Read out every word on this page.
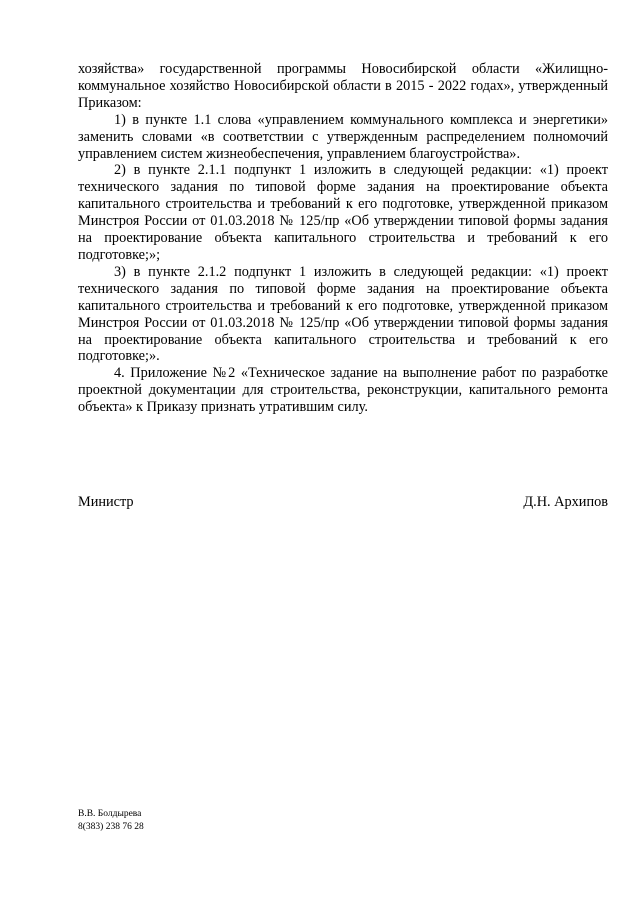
хозяйства» государственной программы Новосибирской области «Жилищно-коммунальное хозяйство Новосибирской области в 2015 - 2022 годах», утвержденный Приказом:

1) в пункте 1.1 слова «управлением коммунального комплекса и энергетики» заменить словами «в соответствии с утвержденным распределением полномочий управлением систем жизнеобеспечения, управлением благоустройства».

2) в пункте 2.1.1 подпункт 1 изложить в следующей редакции: «1) проект технического задания по типовой форме задания на проектирование объекта капитального строительства и требований к его подготовке, утвержденной приказом Минстроя России от 01.03.2018 № 125/пр «Об утверждении типовой формы задания на проектирование объекта капитального строительства и требований к его подготовке;»;

3) в пункте 2.1.2 подпункт 1 изложить в следующей редакции: «1) проект технического задания по типовой форме задания на проектирование объекта капитального строительства и требований к его подготовке, утвержденной приказом Минстроя России от 01.03.2018 № 125/пр «Об утверждении типовой формы задания на проектирование объекта капитального строительства и требований к его подготовке;».

4. Приложение №2 «Техническое задание на выполнение работ по разработке проектной документации для строительства, реконструкции, капитального ремонта объекта» к Приказу признать утратившим силу.

Министр	Д.Н. Архипов
В.В. Болдырева
8(383) 238 76 28
